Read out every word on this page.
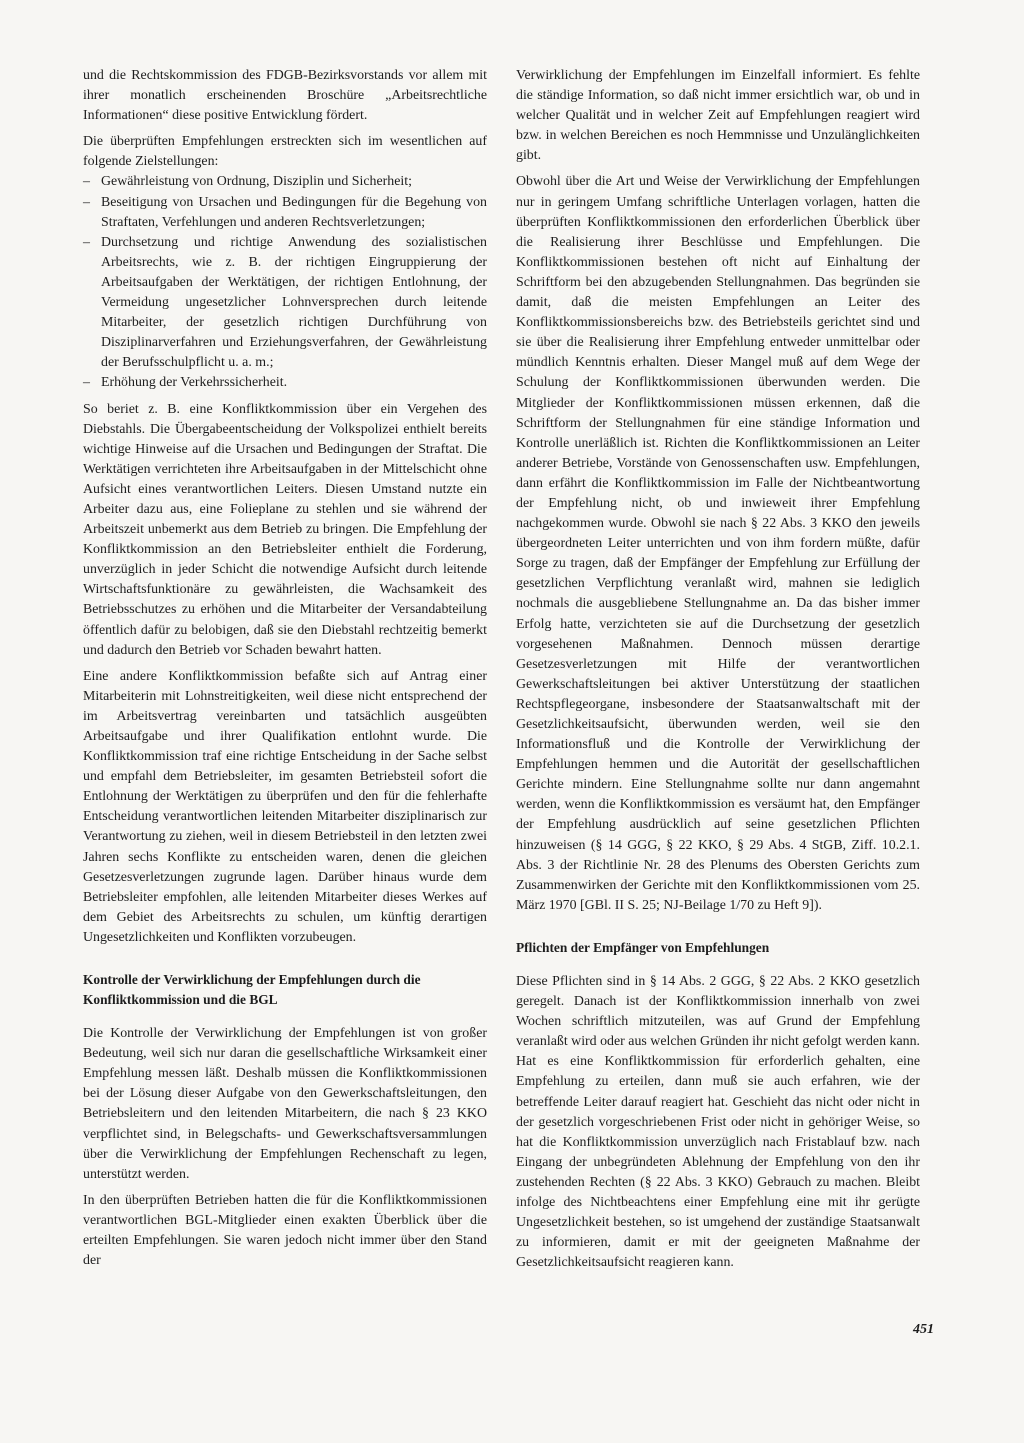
und die Rechtskommission des FDGB-Bezirksvorstands vor allem mit ihrer monatlich erscheinenden Broschüre „Arbeitsrechtliche Informationen“ diese positive Entwicklung fördert.

Die überprüften Empfehlungen erstreckten sich im wesentlichen auf folgende Zielstellungen:

– Gewährleistung von Ordnung, Disziplin und Sicherheit;
– Beseitigung von Ursachen und Bedingungen für die Begehung von Straftaten, Verfehlungen und anderen Rechtsverletzungen;
– Durchsetzung und richtige Anwendung des sozialistischen Arbeitsrechts, wie z. B. der richtigen Eingruppierung der Arbeitsaufgaben der Werktätigen, der richtigen Entlohnung, der Vermeidung ungesetzlicher Lohnversprechen durch leitende Mitarbeiter, der gesetzlich richtigen Durchführung von Disziplinarverfahren und Erziehungsverfahren, der Gewährleistung der Berufsschulpflicht u. a. m.;
– Erhöhung der Verkehrssicherheit.

So beriet z. B. eine Konfliktkommission über ein Vergehen des Diebstahls. Die Übergabeentscheidung der Volkspolizei enthielt bereits wichtige Hinweise auf die Ursachen und Bedingungen der Straftat. Die Werktätigen verrichteten ihre Arbeitsaufgaben in der Mittelschicht ohne Aufsicht eines verantwortlichen Leiters. Diesen Umstand nutzte ein Arbeiter dazu aus, eine Folieplane zu stehlen und sie während der Arbeitszeit unbemerkt aus dem Betrieb zu bringen. Die Empfehlung der Konfliktkommission an den Betriebsleiter enthielt die Forderung, unverzüglich in jeder Schicht die notwendige Aufsicht durch leitende Wirtschaftsfunktionäre zu gewährleisten, die Wachsamkeit des Betriebsschutzes zu erhöhen und die Mitarbeiter der Versandabteilung öffentlich dafür zu belobigen, daß sie den Diebstahl rechtzeitig bemerkt und dadurch den Betrieb vor Schaden bewahrt hatten.

Eine andere Konfliktkommission befaßte sich auf Antrag einer Mitarbeiterin mit Lohnstreitigkeiten, weil diese nicht entsprechend der im Arbeitsvertrag vereinbarten und tatsächlich ausgeübten Arbeitsaufgabe und ihrer Qualifikation entlohnt wurde. Die Konfliktkommission traf eine richtige Entscheidung in der Sache selbst und empfahl dem Betriebsleiter, im gesamten Betriebsteil sofort die Entlohnung der Werktätigen zu überprüfen und den für die fehlerhafte Entscheidung verantwortlichen leitenden Mitarbeiter disziplinarisch zur Verantwortung zu ziehen, weil in diesem Betriebsteil in den letzten zwei Jahren sechs Konflikte zu entscheiden waren, denen die gleichen Gesetzesverletzungen zugrunde lagen. Darüber hinaus wurde dem Betriebsleiter empfohlen, alle leitenden Mitarbeiter dieses Werkes auf dem Gebiet des Arbeitsrechts zu schulen, um künftig derartigen Ungesetzlichkeiten und Konflikten vorzubeugen.

Kontrolle der Verwirklichung der Empfehlungen durch die Konfliktkommission und die BGL

Die Kontrolle der Verwirklichung der Empfehlungen ist von großer Bedeutung, weil sich nur daran die gesellschaftliche Wirksamkeit einer Empfehlung messen läßt. Deshalb müssen die Konfliktkommissionen bei der Lösung dieser Aufgabe von den Gewerkschaftsleitungen, den Betriebsleitern und den leitenden Mitarbeitern, die nach § 23 KKO verpflichtet sind, in Belegschafts- und Gewerkschaftsversammlungen über die Verwirklichung der Empfehlungen Rechenschaft zu legen, unterstützt werden.

In den überprüften Betrieben hatten die für die Konfliktkommissionen verantwortlichen BGL-Mitglieder einen exakten Überblick über die erteilten Empfehlungen. Sie waren jedoch nicht immer über den Stand der

Verwirklichung der Empfehlungen im Einzelfall informiert. Es fehlte die ständige Information, so daß nicht immer ersichtlich war, ob und in welcher Qualität und in welcher Zeit auf Empfehlungen reagiert wird bzw. in welchen Bereichen es noch Hemmnisse und Unzulänglichkeiten gibt.

Obwohl über die Art und Weise der Verwirklichung der Empfehlungen nur in geringem Umfang schriftliche Unterlagen vorlagen, hatten die überprüften Konfliktkommissionen den erforderlichen Überblick über die Realisierung ihrer Beschlüsse und Empfehlungen. Die Konfliktkommissionen bestehen oft nicht auf Einhaltung der Schriftform bei den abzugebenden Stellungnahmen. Das begründen sie damit, daß die meisten Empfehlungen an Leiter des Konfliktkommissionsbereichs bzw. des Betriebsteils gerichtet sind und sie über die Realisierung ihrer Empfehlung entweder unmittelbar oder mündlich Kenntnis erhalten. Dieser Mangel muß auf dem Wege der Schulung der Konfliktkommissionen überwunden werden. Die Mitglieder der Konfliktkommissionen müssen erkennen, daß die Schriftform der Stellungnahmen für eine ständige Information und Kontrolle unerläßlich ist. Richten die Konfliktkommissionen an Leiter anderer Betriebe, Vorstände von Genossenschaften usw. Empfehlungen, dann erfährt die Konfliktkommission im Falle der Nichtbeantwortung der Empfehlung nicht, ob und inwieweit ihrer Empfehlung nachgekommen wurde. Obwohl sie nach § 22 Abs. 3 KKO den jeweils übergeordneten Leiter unterrichten und von ihm fordern müßte, dafür Sorge zu tragen, daß der Empfänger der Empfehlung zur Erfüllung der gesetzlichen Verpflichtung veranlaßt wird, mahnen sie lediglich nochmals die ausgebliebene Stellungnahme an. Da das bisher immer Erfolg hatte, verzichteten sie auf die Durchsetzung der gesetzlich vorgesehenen Maßnahmen. Dennoch müssen derartige Gesetzesverletzungen mit Hilfe der verantwortlichen Gewerkschaftsleitungen bei aktiver Unterstützung der staatlichen Rechtspflegeorgane, insbesondere der Staatsanwaltschaft mit der Gesetzlichkeitsaufsicht, überwunden werden, weil sie den Informationsfluß und die Kontrolle der Verwirklichung der Empfehlungen hemmen und die Autorität der gesellschaftlichen Gerichte mindern. Eine Stellungnahme sollte nur dann angemahnt werden, wenn die Konfliktkommission es versäumt hat, den Empfänger der Empfehlung ausdrücklich auf seine gesetzlichen Pflichten hinzuweisen (§ 14 GGG, § 22 KKO, § 29 Abs. 4 StGB, Ziff. 10.2.1. Abs. 3 der Richtlinie Nr. 28 des Plenums des Obersten Gerichts zum Zusammenwirken der Gerichte mit den Konfliktkommissionen vom 25. März 1970 [GBl. II S. 25; NJ-Beilage 1/70 zu Heft 9]).

Pflichten der Empfänger von Empfehlungen

Diese Pflichten sind in § 14 Abs. 2 GGG, § 22 Abs. 2 KKO gesetzlich geregelt. Danach ist der Konfliktkommission innerhalb von zwei Wochen schriftlich mitzuteilen, was auf Grund der Empfehlung veranlaßt wird oder aus welchen Gründen ihr nicht gefolgt werden kann. Hat es eine Konfliktkommission für erforderlich gehalten, eine Empfehlung zu erteilen, dann muß sie auch erfahren, wie der betreffende Leiter darauf reagiert hat. Geschieht das nicht oder nicht in der gesetzlich vorgeschriebenen Frist oder nicht in gehöriger Weise, so hat die Konfliktkommission unverzüglich nach Fristablauf bzw. nach Eingang der unbegründeten Ablehnung der Empfehlung von den ihr zustehenden Rechten (§ 22 Abs. 3 KKO) Gebrauch zu machen. Bleibt infolge des Nichtbeachtens einer Empfehlung eine mit ihr gerügte Ungesetzlichkeit bestehen, so ist umgehend der zuständige Staatsanwalt zu informieren, damit er mit der geeigneten Maßnahme der Gesetzlichkeitsaufsicht reagieren kann.

451
